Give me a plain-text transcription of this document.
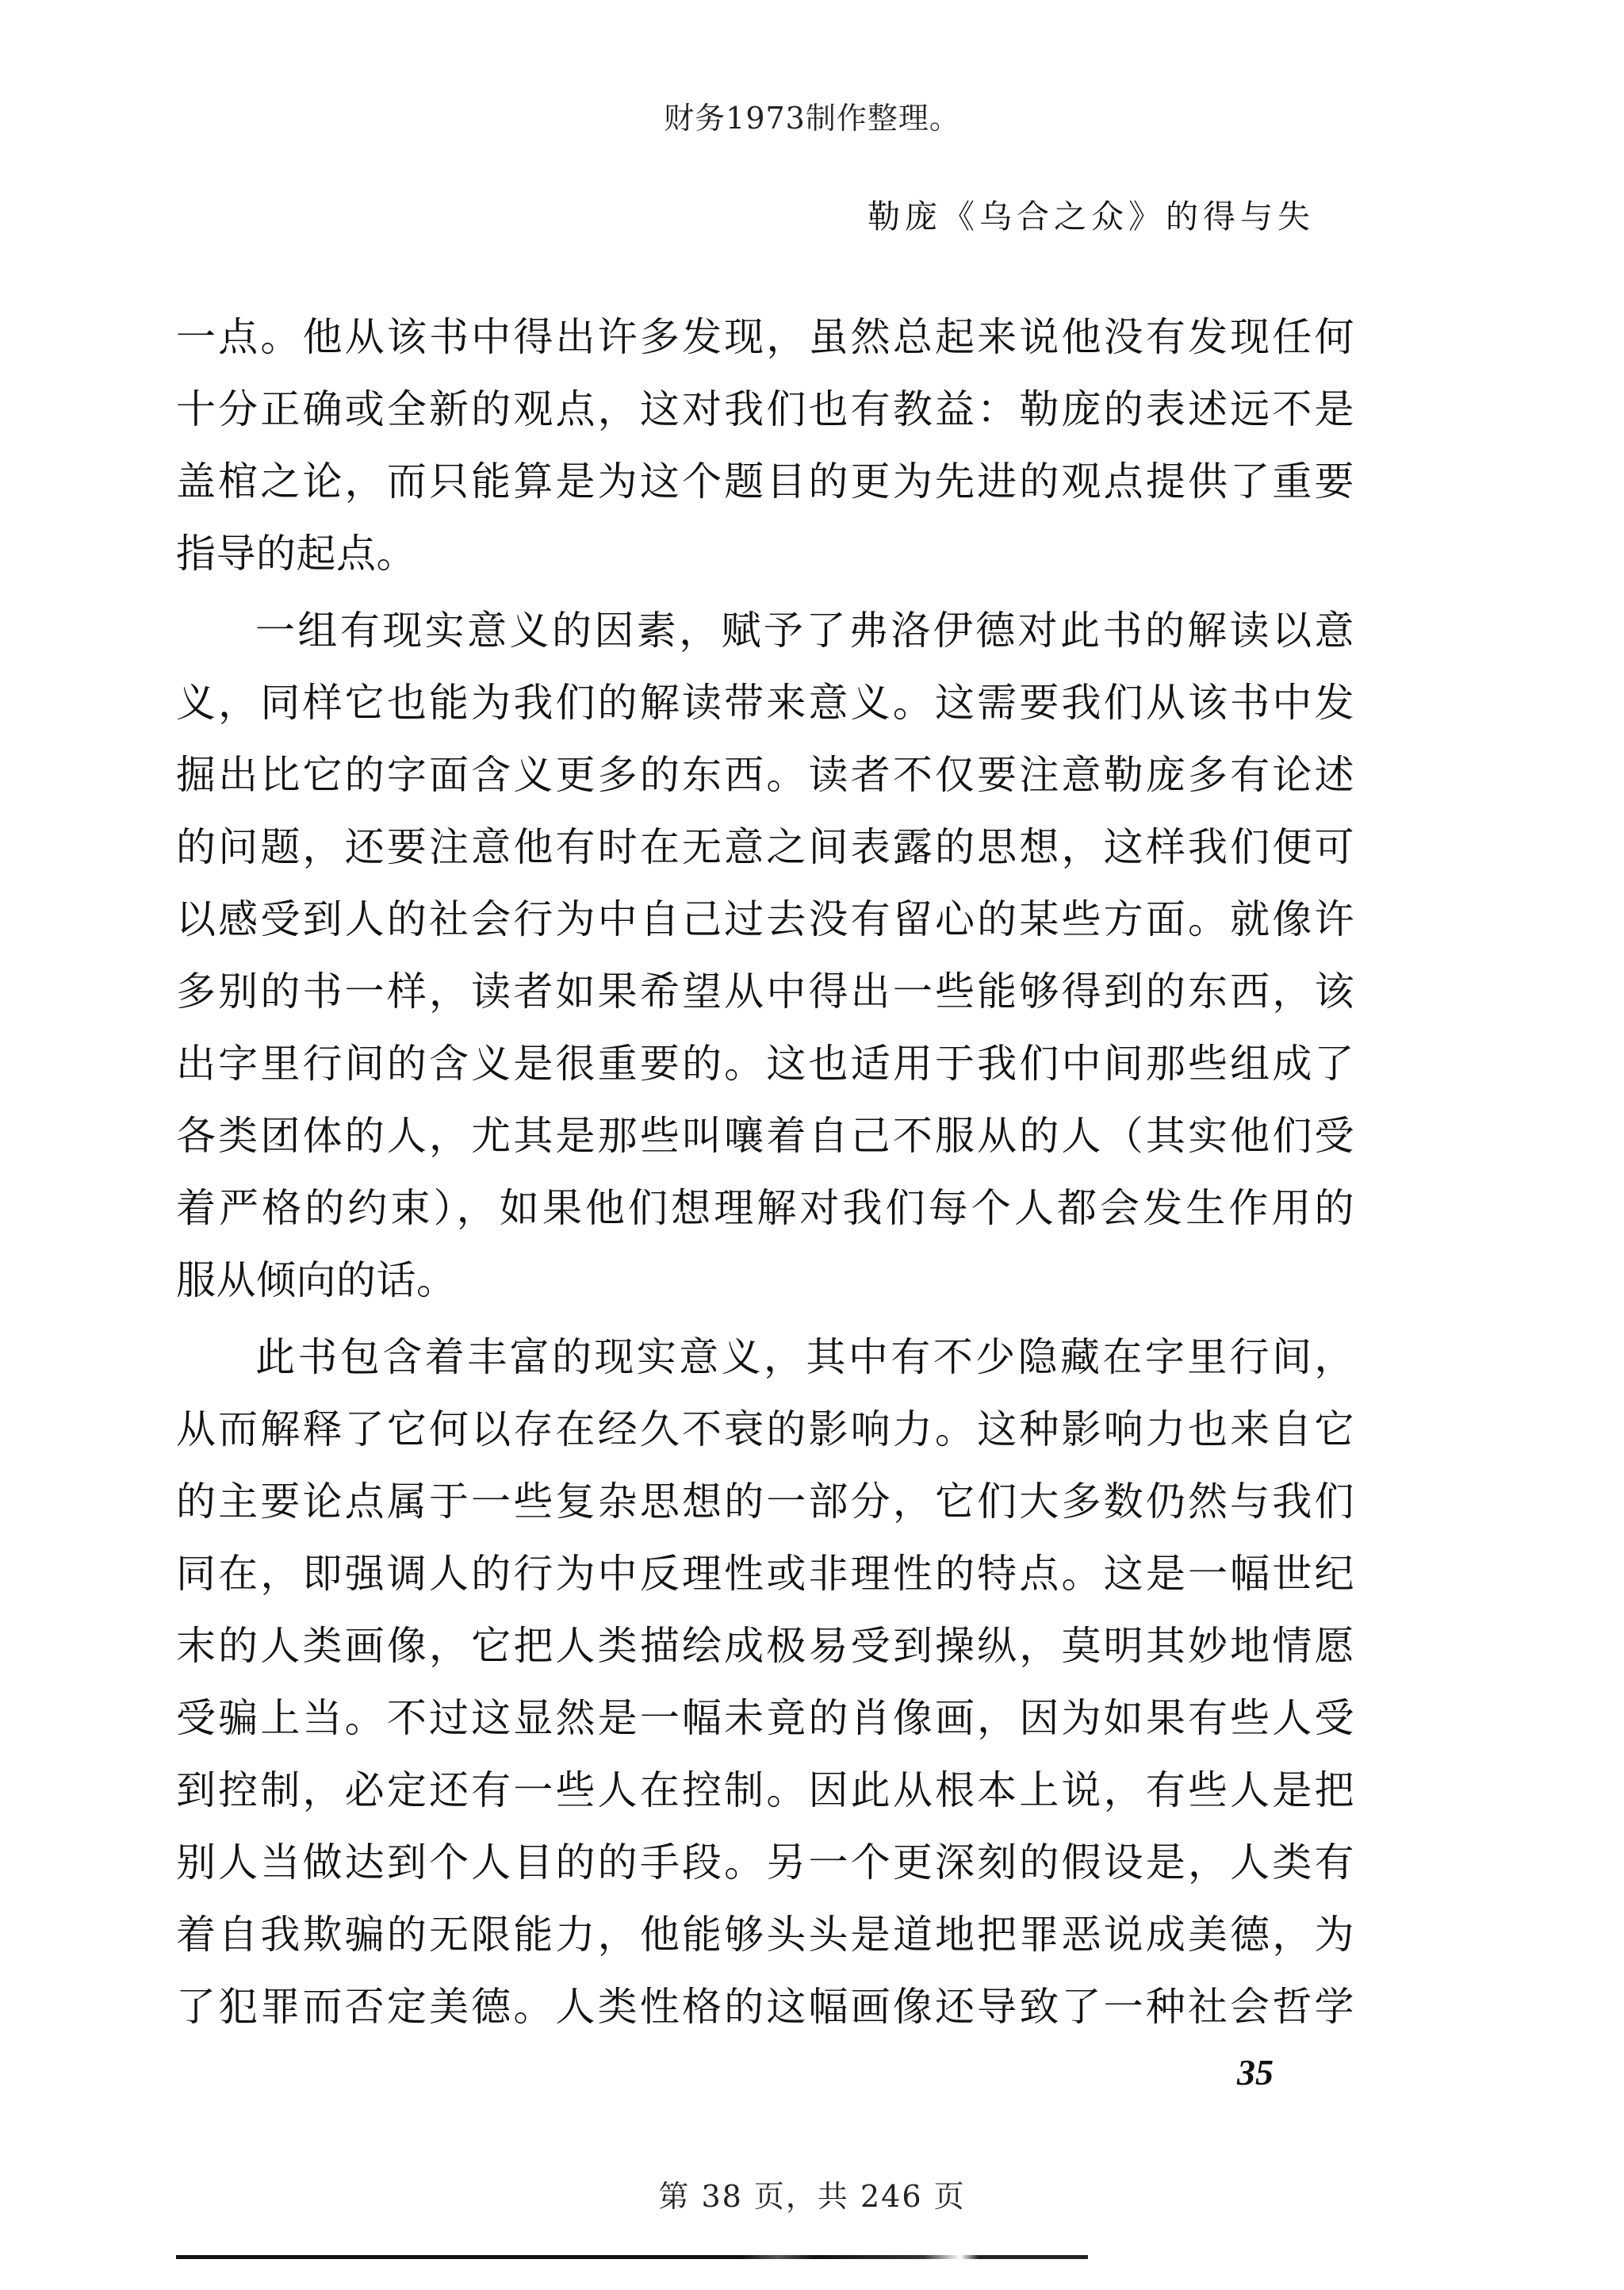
财务1973制作整理。
勒庞《乌合之众》的得与失
一点。他从该书中得出许多发现，虽然总起来说他没有发现任何
十分正确或全新的观点，这对我们也有教益：勒庞的表述远不是
盖棺之论，而只能算是为这个题目的更为先进的观点提供了重要
指导的起点。
一组有现实意义的因素，赋予了弗洛伊德对此书的解读以意
义，同样它也能为我们的解读带来意义。这需要我们从该书中发
掘出比它的字面含义更多的东西。读者不仅要注意勒庞多有论述
的问题，还要注意他有时在无意之间表露的思想，这样我们便可
以感受到人的社会行为中自己过去没有留心的某些方面。就像许
多别的书一样，读者如果希望从中得出一些能够得到的东西，该
出字里行间的含义是很重要的。这也适用于我们中间那些组成了
各类团体的人，尤其是那些叫嚷着自己不服从的人（其实他们受
着严格的约束），如果他们想理解对我们每个人都会发生作用的
服从倾向的话。
此书包含着丰富的现实意义，其中有不少隐藏在字里行间，
从而解释了它何以存在经久不衰的影响力。这种影响力也来自它
的主要论点属于一些复杂思想的一部分，它们大多数仍然与我们
同在，即强调人的行为中反理性或非理性的特点。这是一幅世纪
末的人类画像，它把人类描绘成极易受到操纵，莫明其妙地情愿
受骗上当。不过这显然是一幅未竟的肖像画，因为如果有些人受
到控制，必定还有一些人在控制。因此从根本上说，有些人是把
别人当做达到个人目的的手段。另一个更深刻的假设是，人类有
着自我欺骗的无限能力，他能够头头是道地把罪恶说成美德，为
了犯罪而否定美德。人类性格的这幅画像还导致了一种社会哲学
35
第 38 页，共 246 页
